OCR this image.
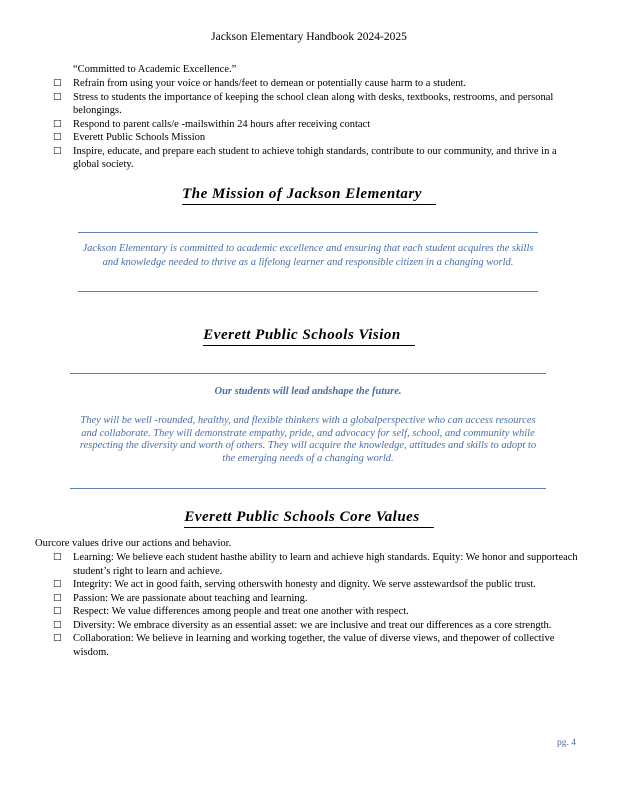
Jackson Elementary Handbook 2024-2025
“Committed to Academic Excellence.”
□ Refrain from using your voice or hands/feet to demean or potentially cause harm to a student.
□ Stress to students the importance of keeping the school clean along with desks, textbooks, restrooms, and personal belongings.
□ Respond to parent calls/e -mailswithin 24 hours after receiving contact
□ Everett Public Schools Mission
□ Inspire, educate, and prepare each student to achieve tohigh standards, contribute to our community, and thrive in a global society.
The Mission of Jackson Elementary
Jackson Elementary is committed to academic excellence and ensuring that each student acquires the skills and knowledge needed to thrive as a lifelong learner and responsible citizen in a changing world.
Everett Public Schools Vision
Our students will lead andshape the future.
They will be well -rounded, healthy, and flexible thinkers with a globalperspective who can access resources and collaborate. They will demonstrate empathy, pride, and advocacy for self, school, and community while respecting the diversity and worth of others. They will acquire the knowledge, attitudes and skills to adopt to the emerging needs of a changing world.
Everett Public Schools Core Values
Ourcore values drive our actions and behavior.
□ Learning: We believe each student hasthe ability to learn and achieve high standards. Equity: We honor and supporteach student’s right to learn and achieve.
□ Integrity: We act in good faith, serving otherswith honesty and dignity. We serve asstewardsof the public trust.
□ Passion: We are passionate about teaching and learning.
□ Respect: We value differences among people and treat one another with respect.
□ Diversity: We embrace diversity as an essential asset: we are inclusive and treat our differences as a core strength.
□ Collaboration: We believe in learning and working together, the value of diverse views, and thepower of collective wisdom.
pg. 4
